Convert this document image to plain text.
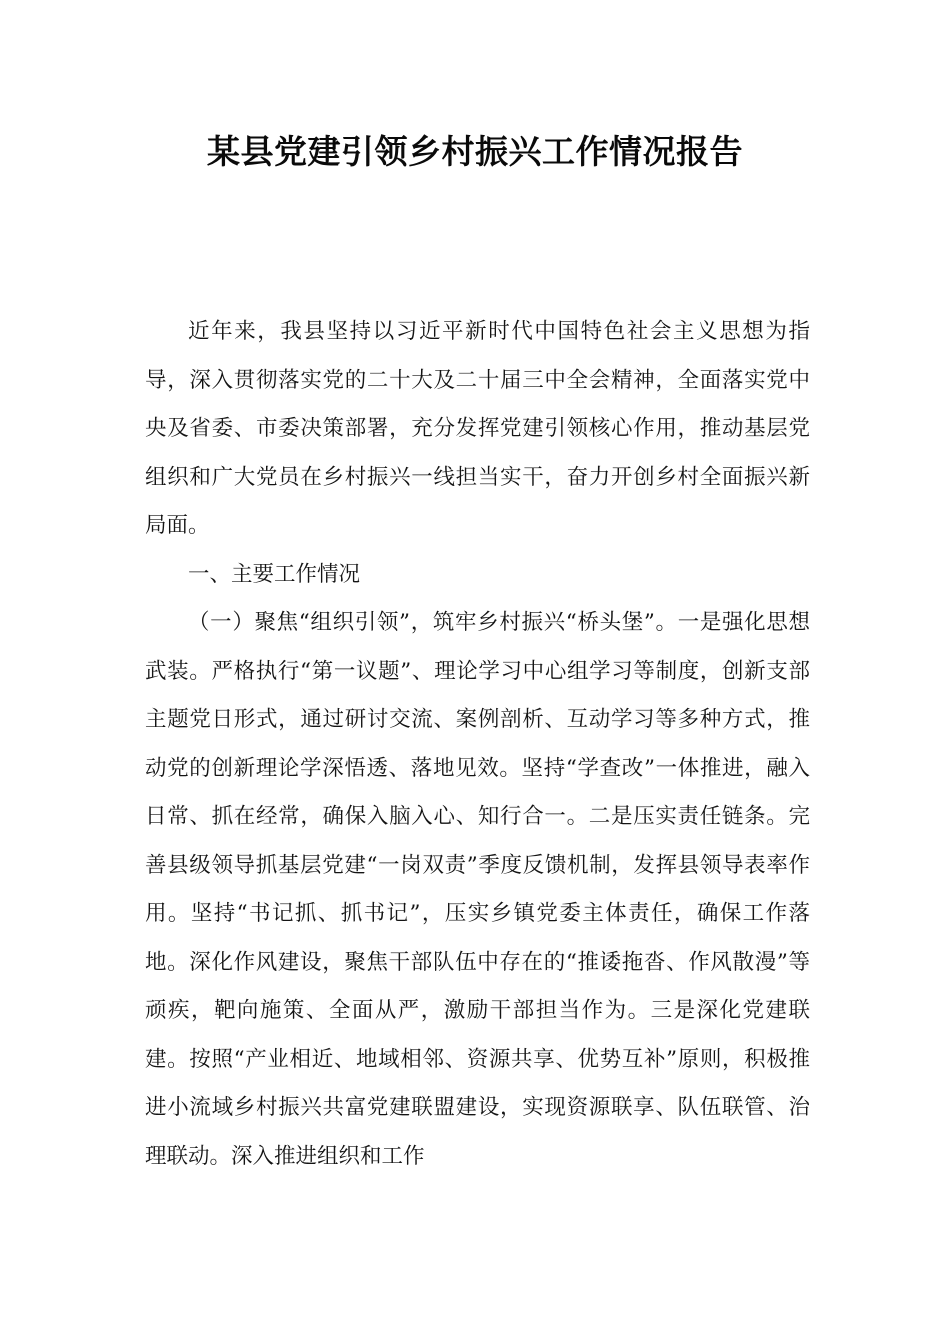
某县党建引领乡村振兴工作情况报告

近年来，我县坚持以习近平新时代中国特色社会主义思想为指导，深入贯彻落实党的二十大及二十届三中全会精神，全面落实党中央及省委、市委决策部署，充分发挥党建引领核心作用，推动基层党组织和广大党员在乡村振兴一线担当实干，奋力开创乡村全面振兴新局面。

一、主要工作情况

（一）聚焦“组织引领”，筑牢乡村振兴“桥头堡”。一是强化思想武装。严格执行“第一议题”、理论学习中心组学习等制度，创新支部主题党日形式，通过研讨交流、案例剖析、互动学习等多种方式，推动党的创新理论学深悟透、落地见效。坚持“学查改”一体推进，融入日常、抓在经常，确保入脑入心、知行合一。二是压实责任链条。完善县级领导抓基层党建“一岗双责”季度反馈机制，发挥县领导表率作用。坚持“书记抓、抓书记”，压实乡镇党委主体责任，确保工作落地。深化作风建设，聚焦干部队伍中存在的“推诿拖沓、作风散漫”等顽疾，靶向施策、全面从严，激励干部担当作为。三是深化党建联建。按照“产业相近、地域相邻、资源共享、优势互补”原则，积极推进小流域乡村振兴共富党建联盟建设，实现资源联享、队伍联管、治理联动。深入推进组织和工作
